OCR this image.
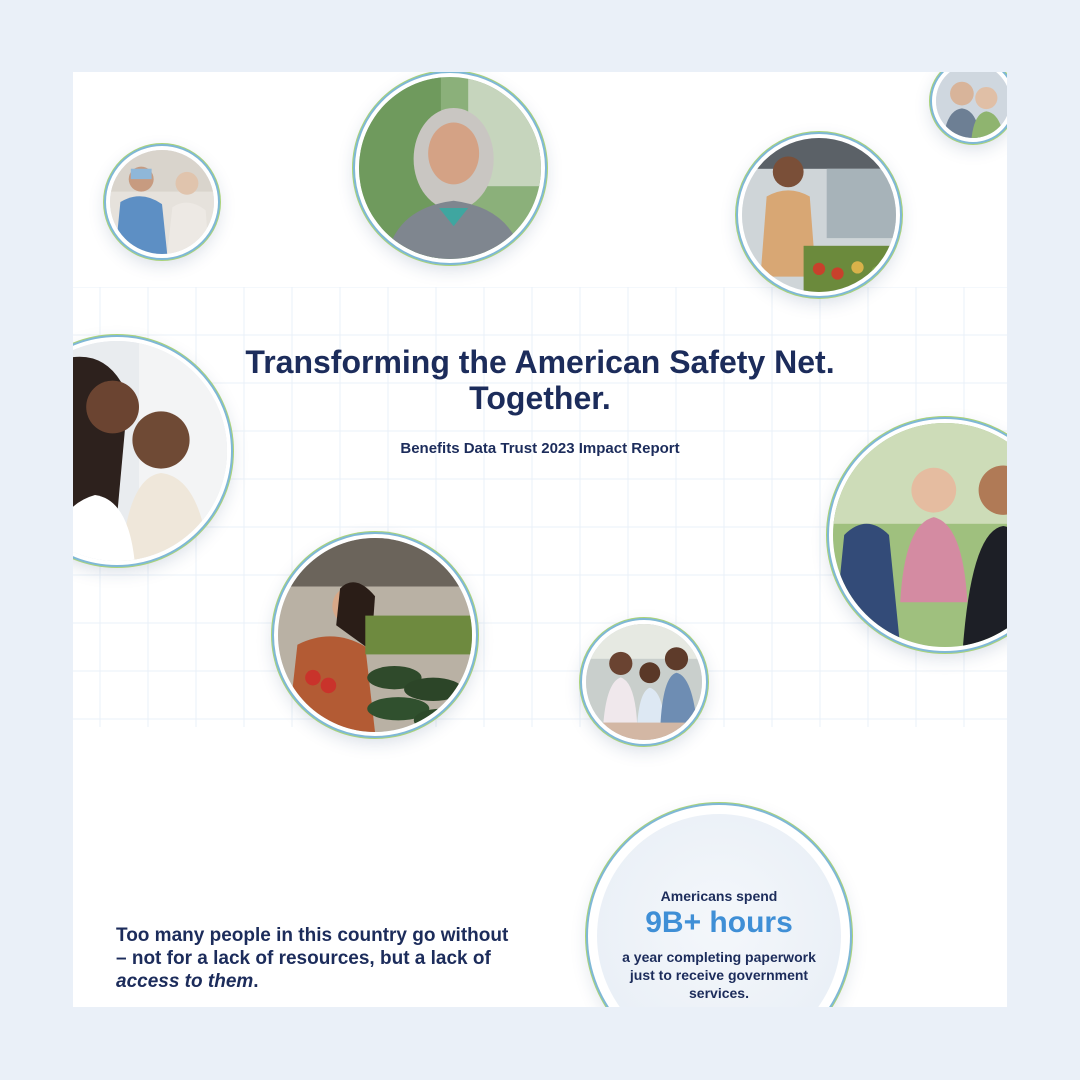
Transforming the American Safety Net.
Together.
Benefits Data Trust 2023 Impact Report
Americans spend
9B+ hours
a year completing paperwork just to receive government services.
Too many people in this country go without – not for a lack of resources, but a lack of access to them.
